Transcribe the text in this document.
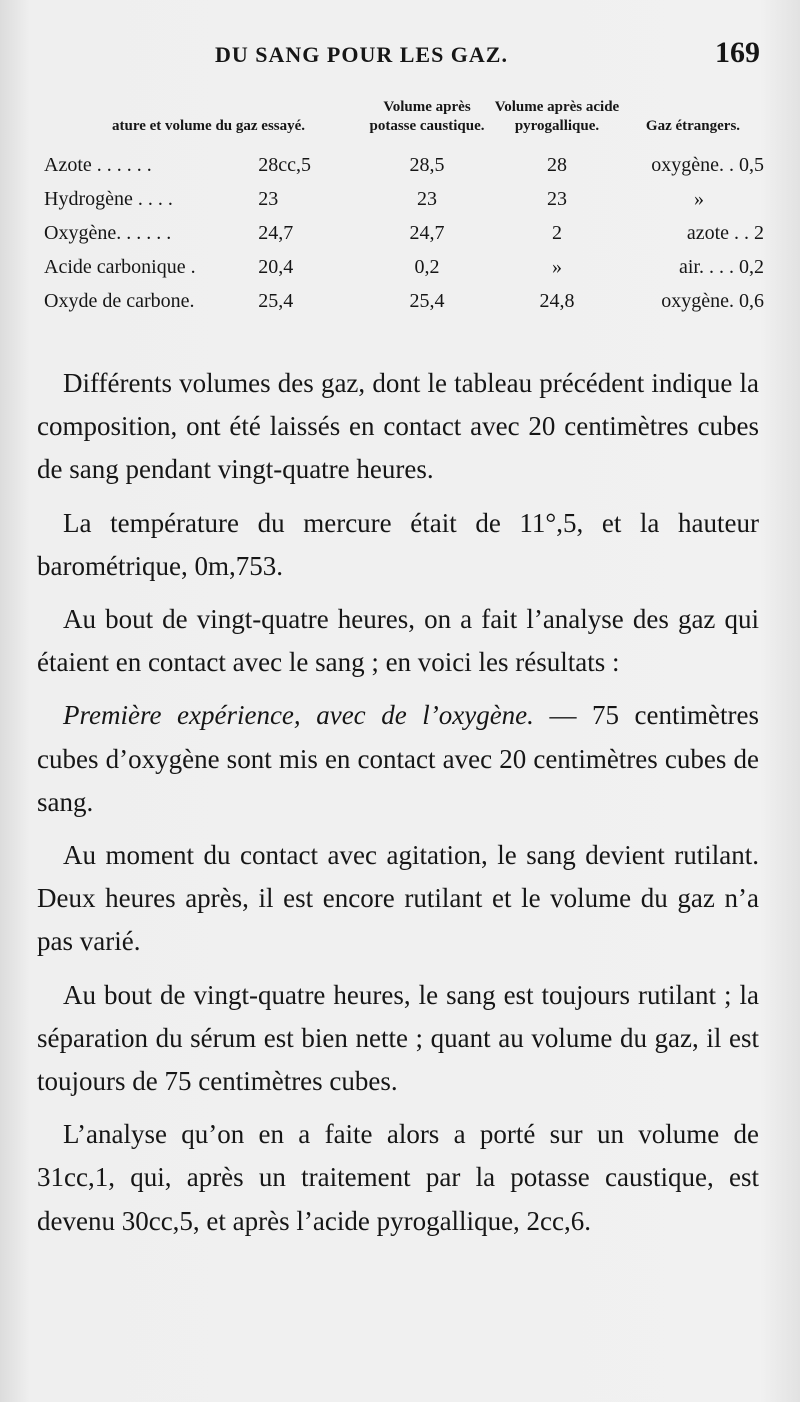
DU SANG POUR LES GAZ.	169
ature et volume du gaz essayé.		Volume après potasse caustique.	Volume après acide pyrogallique.	Gaz étrangers.
Azote . . . . . .	28cc,5	28,5	28	oxygène. . 0,5
Hydrogène . . . .	23	23	23	»
Oxygène. . . . . .	24,7	24,7	2	azote . . 2
Acide carbonique .	20,4	0,2	»	air. . . . 0,2
Oxyde de carbone.	25,4	25,4	24,8	oxygène. 0,6

Différents volumes des gaz, dont le tableau précédent indique la composition, ont été laissés en contact avec 20 centimètres cubes de sang pendant vingt-quatre heures.

La température du mercure était de 11°,5, et la hauteur barométrique, 0m,753.

Au bout de vingt-quatre heures, on a fait l’analyse des gaz qui étaient en contact avec le sang ; en voici les résultats :

Première expérience, avec de l’oxygène. — 75 centimètres cubes d’oxygène sont mis en contact avec 20 centimètres cubes de sang.

Au moment du contact avec agitation, le sang devient rutilant. Deux heures après, il est encore rutilant et le volume du gaz n’a pas varié.

Au bout de vingt-quatre heures, le sang est toujours rutilant ; la séparation du sérum est bien nette ; quant au volume du gaz, il est toujours de 75 centimètres cubes.

L’analyse qu’on en a faite alors a porté sur un volume de 31cc,1, qui, après un traitement par la potasse caustique, est devenu 30cc,5, et après l’acide pyrogallique, 2cc,6.
